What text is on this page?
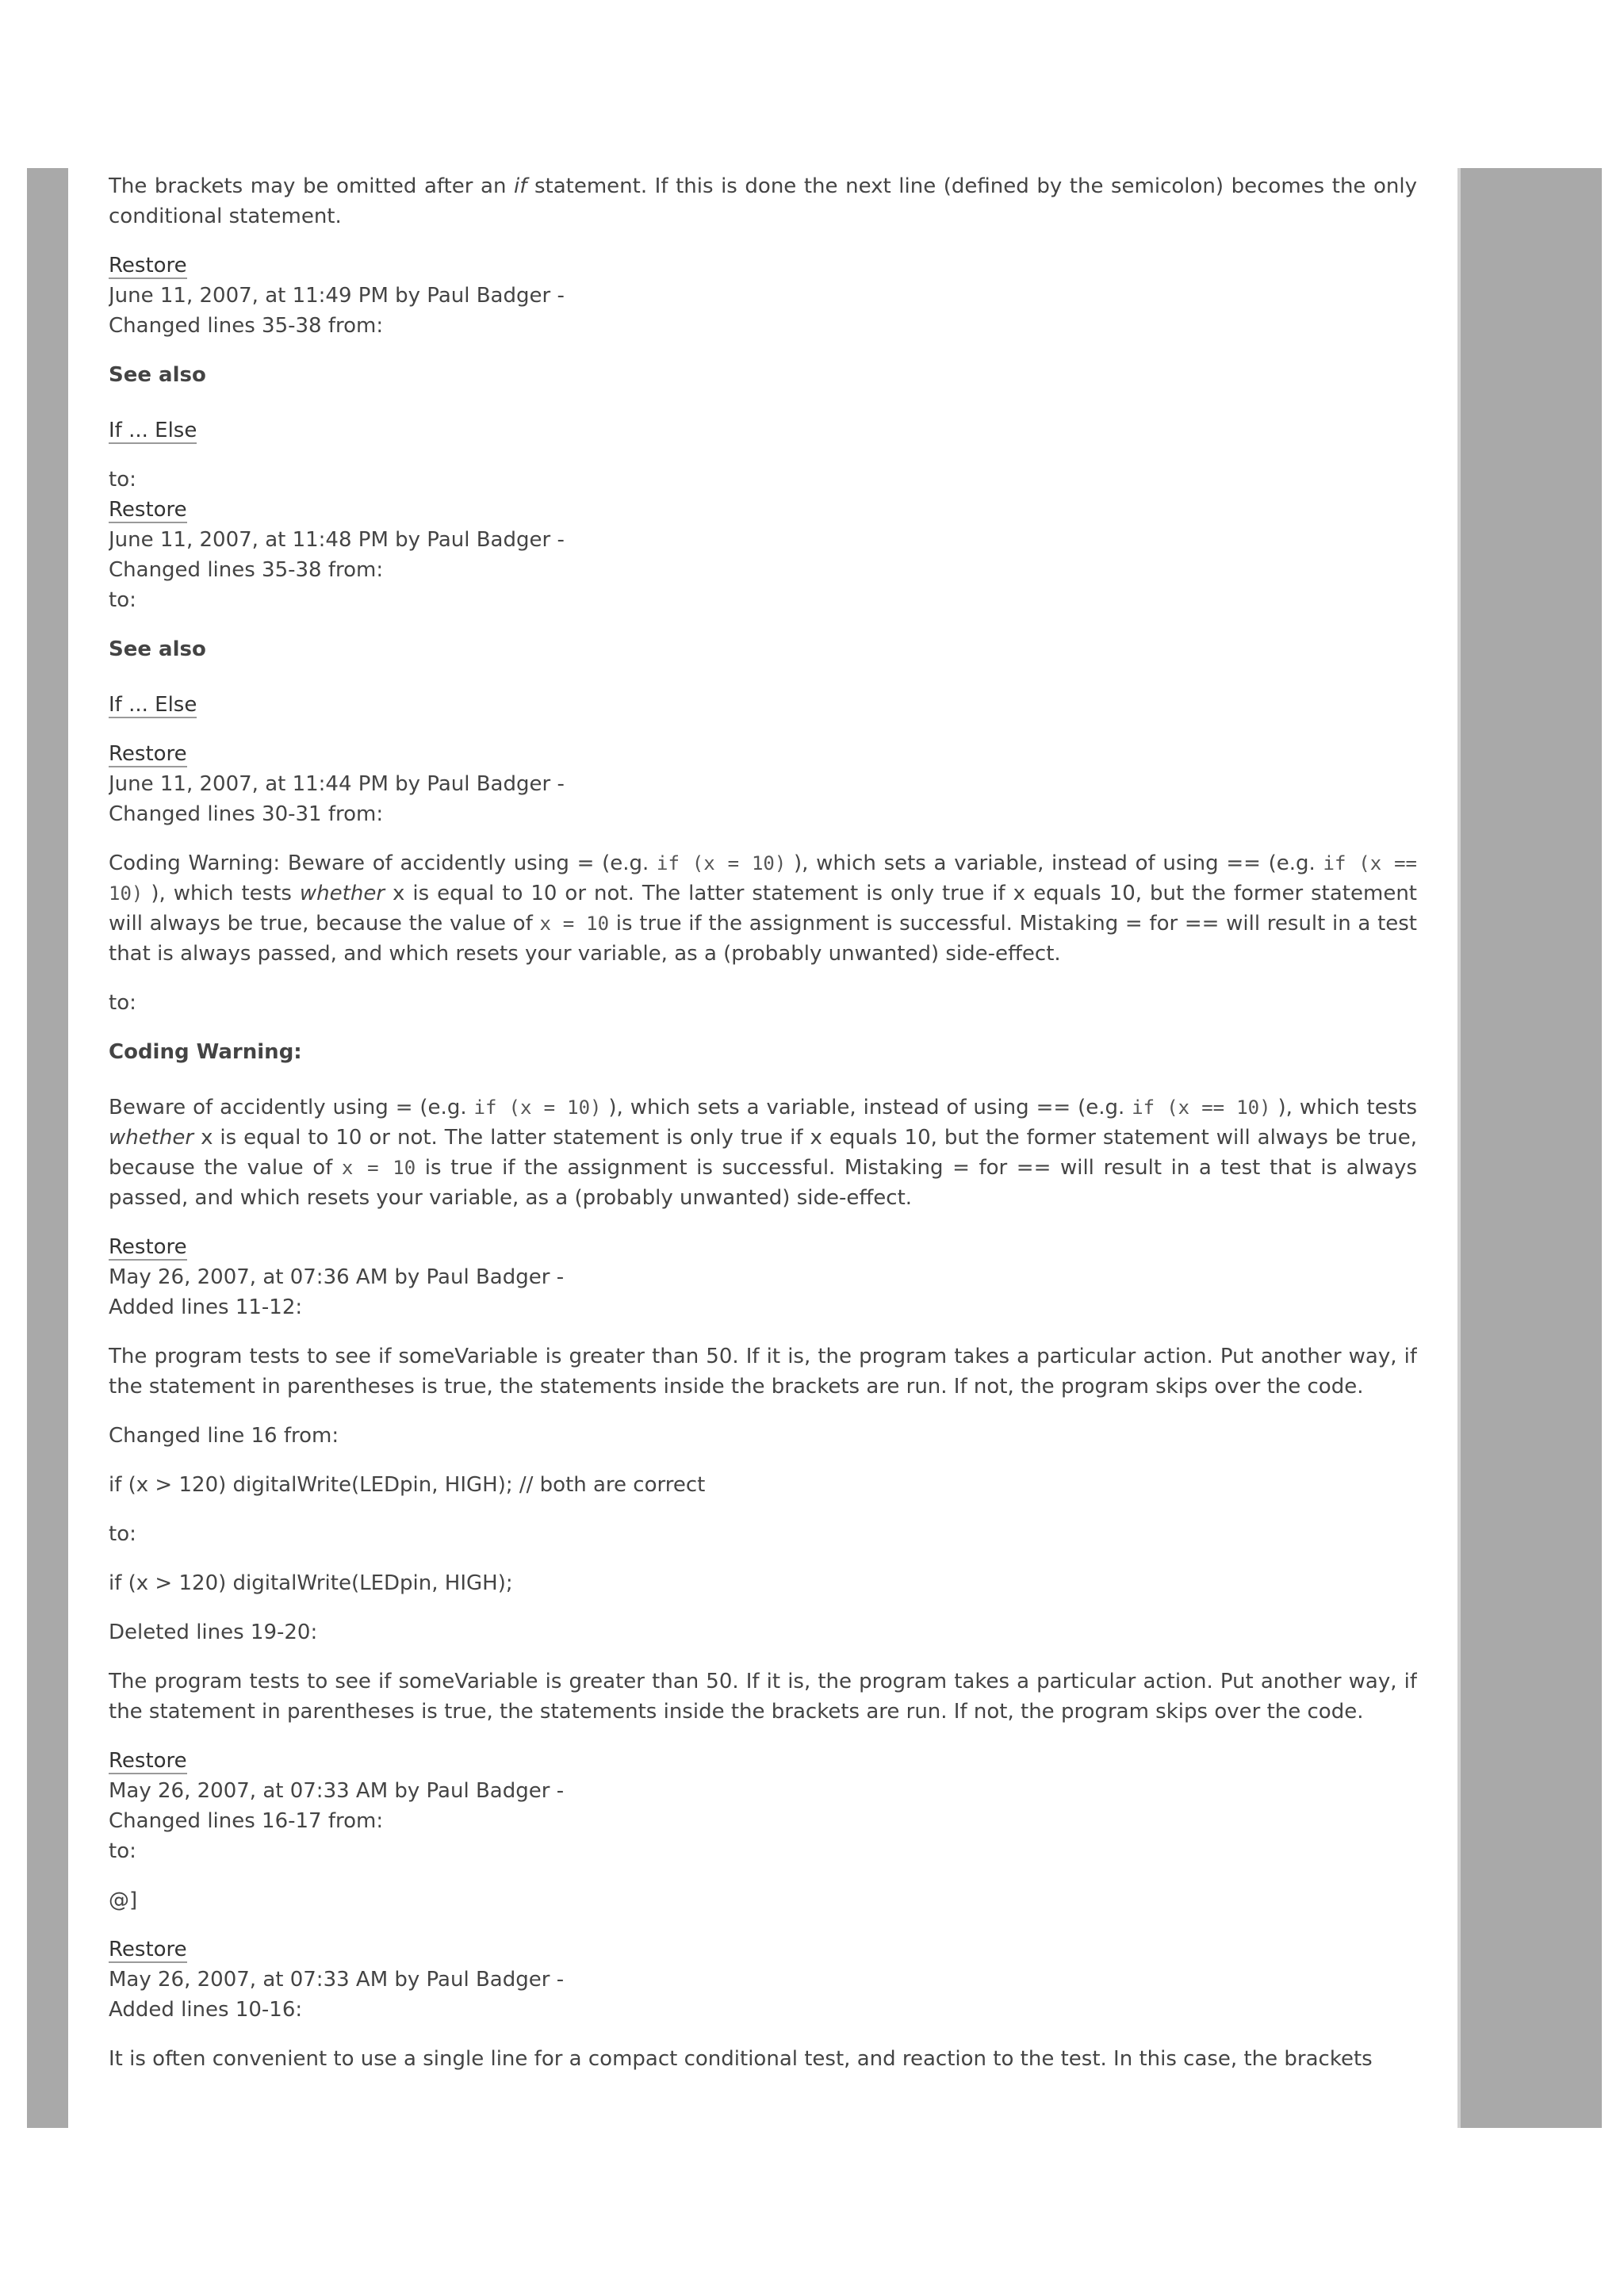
The brackets may be omitted after an if statement. If this is done the next line (defined by the semicolon) becomes the only conditional statement.

Restore
June 11, 2007, at 11:49 PM by Paul Badger -
Changed lines 35-38 from:

See also

If ... Else

to:
Restore
June 11, 2007, at 11:48 PM by Paul Badger -
Changed lines 35-38 from:
to:

See also

If ... Else

Restore
June 11, 2007, at 11:44 PM by Paul Badger -
Changed lines 30-31 from:

Coding Warning: Beware of accidently using = (e.g. if (x = 10) ), which sets a variable, instead of using == (e.g. if (x == 10) ), which tests whether x is equal to 10 or not. The latter statement is only true if x equals 10, but the former statement will always be true, because the value of x = 10 is true if the assignment is successful. Mistaking = for == will result in a test that is always passed, and which resets your variable, as a (probably unwanted) side-effect.

to:

Coding Warning:

Beware of accidently using = (e.g. if (x = 10) ), which sets a variable, instead of using == (e.g. if (x == 10) ), which tests whether x is equal to 10 or not. The latter statement is only true if x equals 10, but the former statement will always be true, because the value of x = 10 is true if the assignment is successful. Mistaking = for == will result in a test that is always passed, and which resets your variable, as a (probably unwanted) side-effect.

Restore
May 26, 2007, at 07:36 AM by Paul Badger -
Added lines 11-12:

The program tests to see if someVariable is greater than 50. If it is, the program takes a particular action. Put another way, if the statement in parentheses is true, the statements inside the brackets are run. If not, the program skips over the code.

Changed line 16 from:

if (x > 120) digitalWrite(LEDpin, HIGH); // both are correct

to:

if (x > 120) digitalWrite(LEDpin, HIGH);

Deleted lines 19-20:

The program tests to see if someVariable is greater than 50. If it is, the program takes a particular action. Put another way, if the statement in parentheses is true, the statements inside the brackets are run. If not, the program skips over the code.

Restore
May 26, 2007, at 07:33 AM by Paul Badger -
Changed lines 16-17 from:
to:

@]

Restore
May 26, 2007, at 07:33 AM by Paul Badger -
Added lines 10-16:

It is often convenient to use a single line for a compact conditional test, and reaction to the test. In this case, the brackets
